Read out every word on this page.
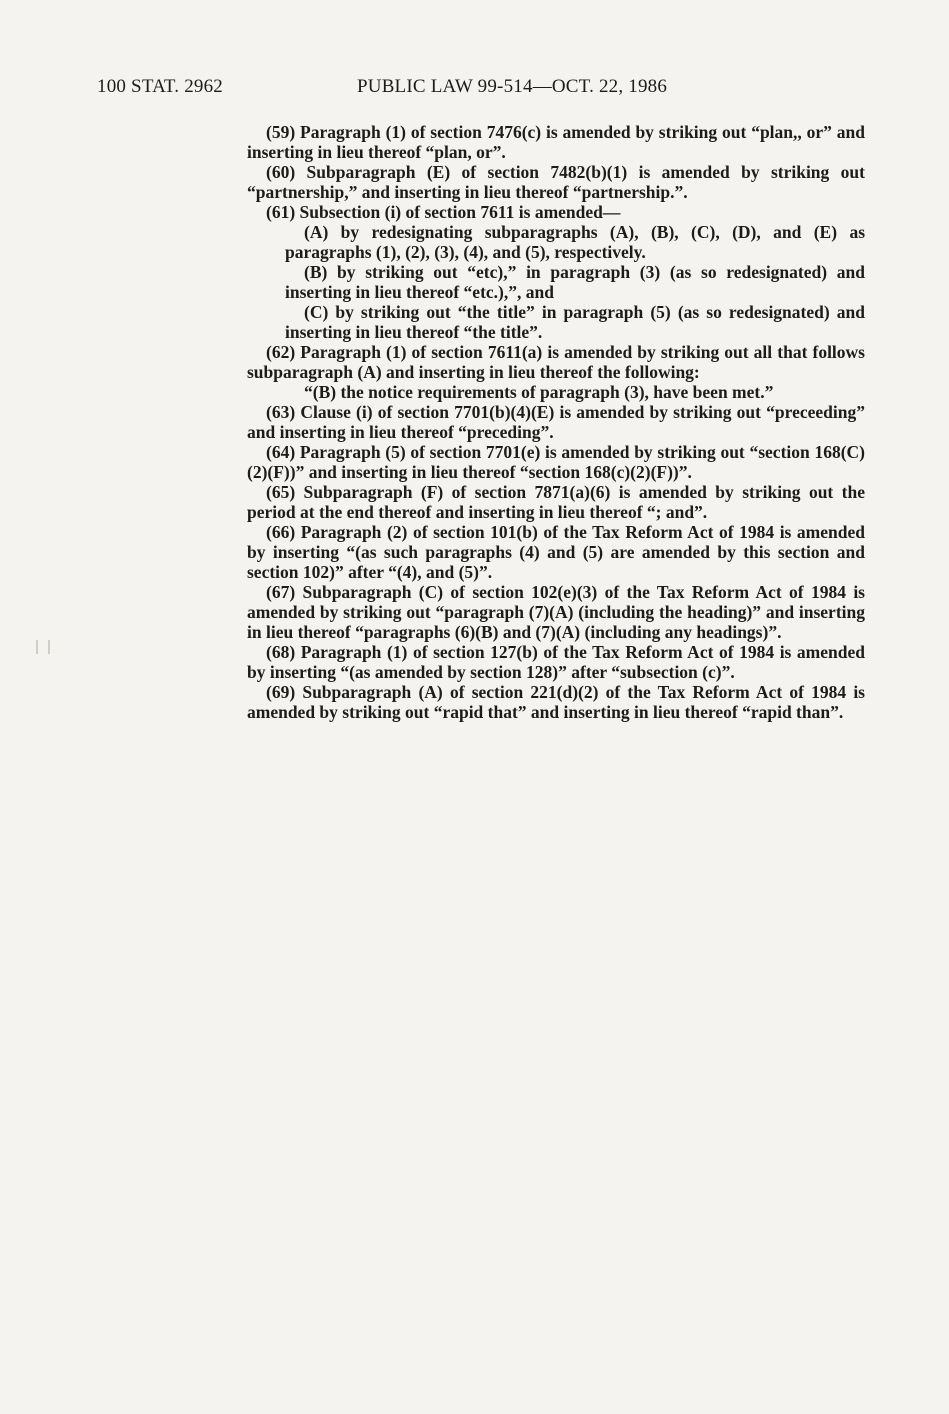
100 STAT. 2962	PUBLIC LAW 99-514—OCT. 22, 1986

(59) Paragraph (1) of section 7476(c) is amended by striking out “plan,, or” and inserting in lieu thereof “plan, or”.

(60) Subparagraph (E) of section 7482(b)(1) is amended by striking out “partnership,” and inserting in lieu thereof “partnership.”.

(61) Subsection (i) of section 7611 is amended—

(A) by redesignating subparagraphs (A), (B), (C), (D), and (E) as paragraphs (1), (2), (3), (4), and (5), respectively.

(B) by striking out “etc),” in paragraph (3) (as so redesignated) and inserting in lieu thereof “etc.),”, and

(C) by striking out “the title” in paragraph (5) (as so redesignated) and inserting in lieu thereof “the title”.

(62) Paragraph (1) of section 7611(a) is amended by striking out all that follows subparagraph (A) and inserting in lieu thereof the following:

“(B) the notice requirements of paragraph (3), have been met.”

(63) Clause (i) of section 7701(b)(4)(E) is amended by striking out “preceeding” and inserting in lieu thereof “preceding”.

(64) Paragraph (5) of section 7701(e) is amended by striking out “section 168(C)(2)(F))” and inserting in lieu thereof “section 168(c)(2)(F))”.

(65) Subparagraph (F) of section 7871(a)(6) is amended by striking out the period at the end thereof and inserting in lieu thereof “; and”.

(66) Paragraph (2) of section 101(b) of the Tax Reform Act of 1984 is amended by inserting “(as such paragraphs (4) and (5) are amended by this section and section 102)” after “(4), and (5)”.

(67) Subparagraph (C) of section 102(e)(3) of the Tax Reform Act of 1984 is amended by striking out “paragraph (7)(A) (including the heading)” and inserting in lieu thereof “paragraphs (6)(B) and (7)(A) (including any headings)”.

(68) Paragraph (1) of section 127(b) of the Tax Reform Act of 1984 is amended by inserting “(as amended by section 128)” after “subsection (c)”.

(69) Subparagraph (A) of section 221(d)(2) of the Tax Reform Act of 1984 is amended by striking out “rapid that” and inserting in lieu thereof “rapid than”.
